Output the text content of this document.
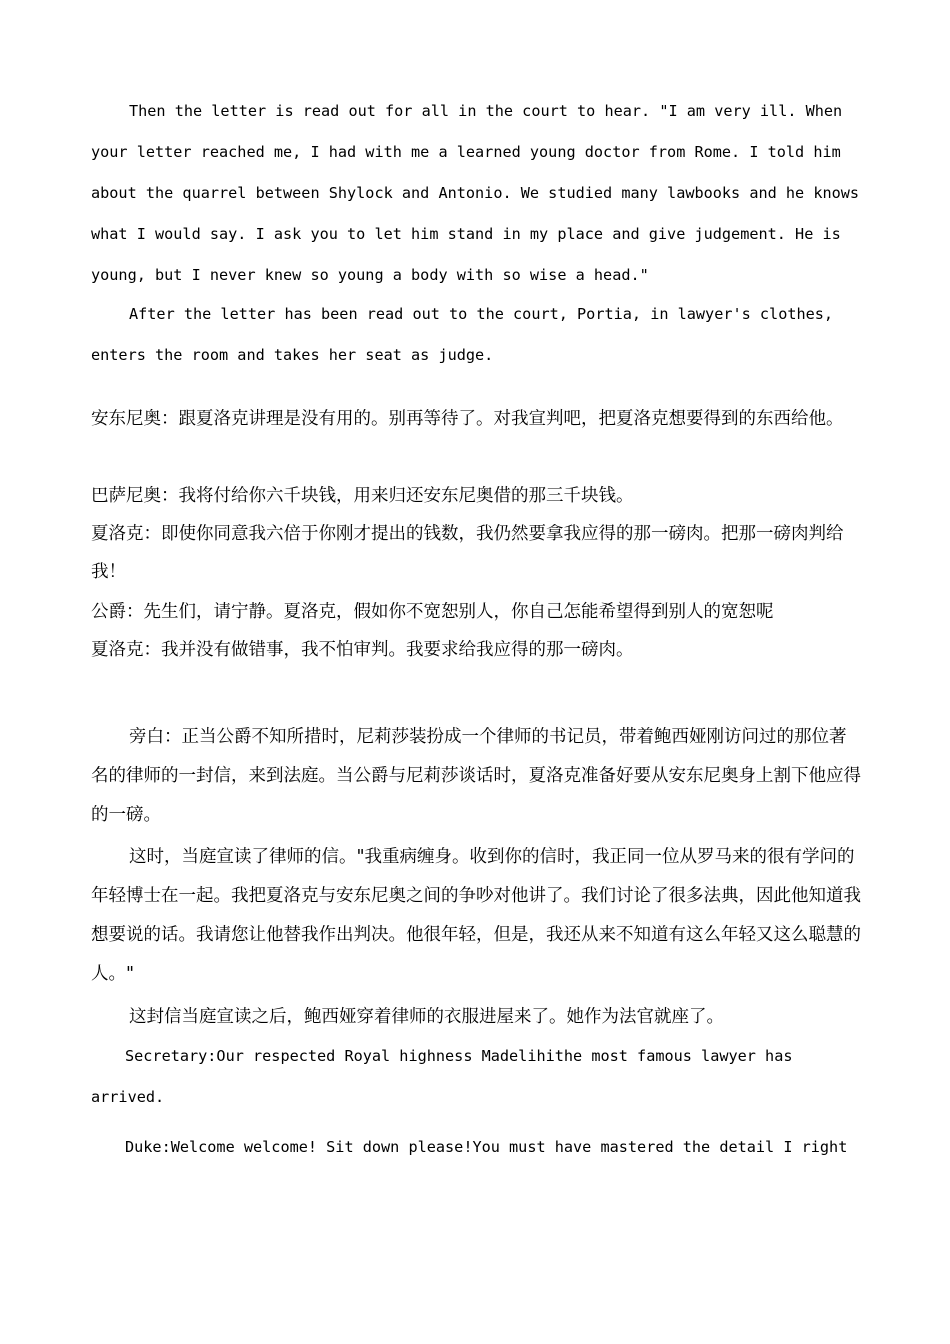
Then the letter is read out for all in the court to hear. "I am very ill. When your letter reached me, I had with me a learned young doctor from Rome. I told him about the quarrel between Shylock and Antonio. We studied many lawbooks and he knows what I would say. I ask you to let him stand in my place and give judgement. He is young, but I never knew so young a body with so wise a head."

After the letter has been read out to the court, Portia, in lawyer's clothes, enters the room and takes her seat as judge.

安东尼奥：跟夏洛克讲理是没有用的。别再等待了。对我宣判吧，把夏洛克想要得到的东西给他。

巴萨尼奥：我将付给你六千块钱，用来归还安东尼奥借的那三千块钱。

夏洛克：即使你同意我六倍于你刚才提出的钱数，我仍然要拿我应得的那一磅肉。把那一磅肉判给我！

公爵：先生们，请宁静。夏洛克，假如你不宽恕别人，你自己怎能希望得到别人的宽恕呢

夏洛克：我并没有做错事，我不怕审判。我要求给我应得的那一磅肉。

旁白：正当公爵不知所措时，尼莉莎装扮成一个律师的书记员，带着鲍西娅刚访问过的那位著名的律师的一封信，来到法庭。当公爵与尼莉莎谈话时，夏洛克准备好要从安东尼奥身上割下他应得的一磅。

这时，当庭宣读了律师的信。"我重病缠身。收到你的信时，我正同一位从罗马来的很有学问的年轻博士在一起。我把夏洛克与安东尼奥之间的争吵对他讲了。我们讨论了很多法典，因此他知道我想要说的话。我请您让他替我作出判决。他很年轻，但是，我还从来不知道有这么年轻又这么聪慧的人。"

这封信当庭宣读之后，鲍西娅穿着律师的衣服进屋来了。她作为法官就座了。

Secretary:Our respected Royal highness Madelihithe most famous lawyer has arrived.

Duke:Welcome welcome! Sit down please!You must have mastered the detail I right
